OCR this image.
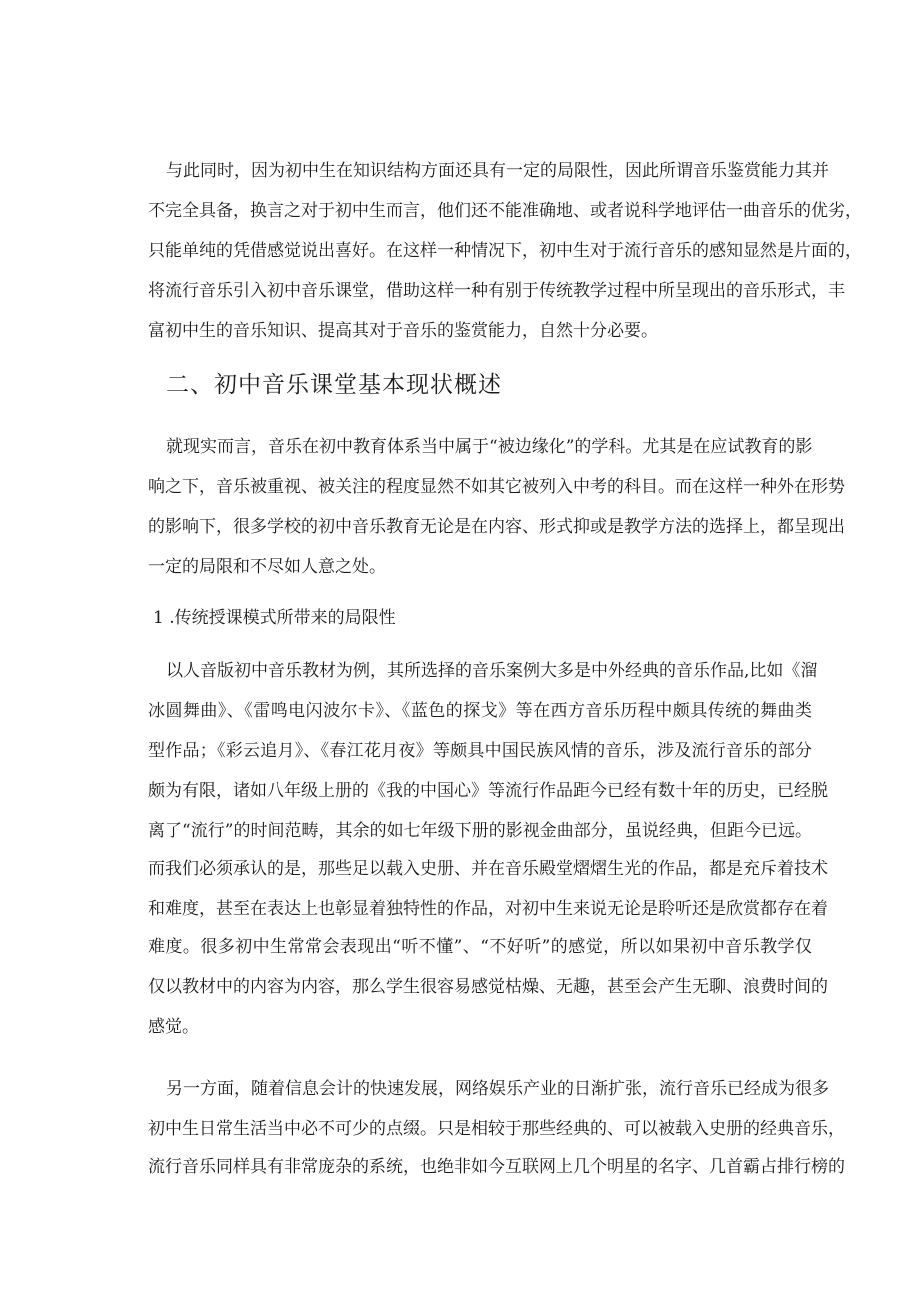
与此同时，因为初中生在知识结构方面还具有一定的局限性，因此所谓音乐鉴赏能力其并
不完全具备，换言之对于初中生而言，他们还不能准确地、或者说科学地评估一曲音乐的优劣，
只能单纯的凭借感觉说出喜好。在这样一种情况下，初中生对于流行音乐的感知显然是片面的，
将流行音乐引入初中音乐课堂，借助这样一种有别于传统教学过程中所呈现出的音乐形式，丰
富初中生的音乐知识、提高其对于音乐的鉴赏能力，自然十分必要。
二、初中音乐课堂基本现状概述
就现实而言，音乐在初中教育体系当中属于“被边缘化”的学科。尤其是在应试教育的影
响之下，音乐被重视、被关注的程度显然不如其它被列入中考的科目。而在这样一种外在形势
的影响下，很多学校的初中音乐教育无论是在内容、形式抑或是教学方法的选择上，都呈现出
一定的局限和不尽如人意之处。
1 .传统授课模式所带来的局限性
以人音版初中音乐教材为例，其所选择的音乐案例大多是中外经典的音乐作品,比如《溜
冰圆舞曲》、《雷鸣电闪波尔卡》、《蓝色的探戈》等在西方音乐历程中颇具传统的舞曲类
型作品；《彩云追月》、《春江花月夜》等颇具中国民族风情的音乐，涉及流行音乐的部分
颇为有限，诸如八年级上册的《我的中国心》等流行作品距今已经有数十年的历史，已经脱
离了“流行”的时间范畴，其余的如七年级下册的影视金曲部分，虽说经典，但距今已远。
而我们必须承认的是，那些足以载入史册、并在音乐殿堂熠熠生光的作品，都是充斥着技术
和难度，甚至在表达上也彰显着独特性的作品，对初中生来说无论是聆听还是欣赏都存在着
难度。很多初中生常常会表现出“听不懂”、“不好听”的感觉，所以如果初中音乐教学仅
仅以教材中的内容为内容，那么学生很容易感觉枯燥、无趣，甚至会产生无聊、浪费时间的
感觉。
另一方面，随着信息会计的快速发展，网络娱乐产业的日渐扩张，流行音乐已经成为很多
初中生日常生活当中必不可少的点缀。只是相较于那些经典的、可以被载入史册的经典音乐，
流行音乐同样具有非常庞杂的系统，也绝非如今互联网上几个明星的名字、几首霸占排行榜的
